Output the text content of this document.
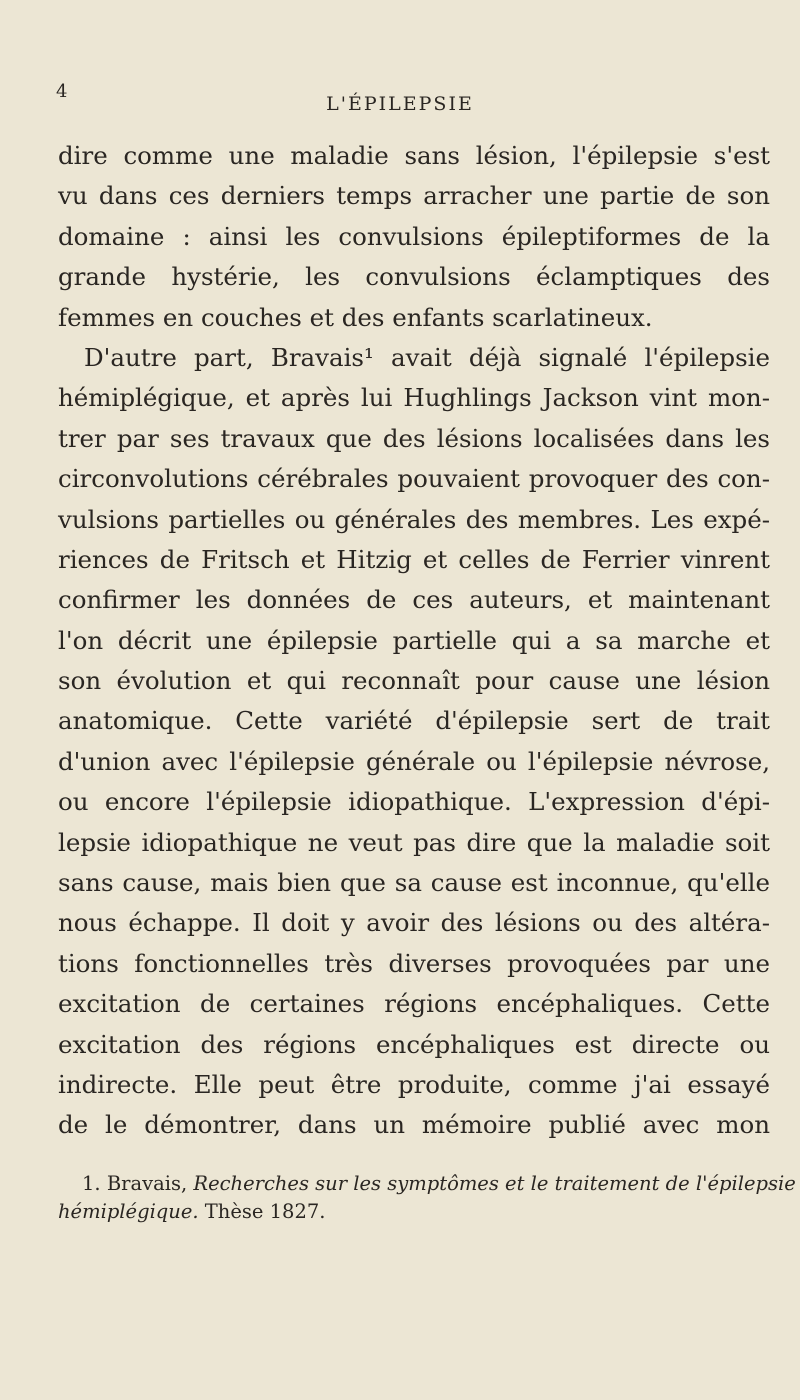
4
L'ÉPILEPSIE
dire comme une maladie sans lésion, l'épilepsie s'est
vu dans ces derniers temps arracher une partie de son
domaine : ainsi les convulsions épileptiformes de la
grande hystérie, les convulsions éclamptiques des
femmes en couches et des enfants scarlatineux.
D'autre part, Bravais¹ avait déjà signalé l'épilepsie
hémiplégique, et après lui Hughlings Jackson vint mon-
trer par ses travaux que des lésions localisées dans les
circonvolutions cérébrales pouvaient provoquer des con-
vulsions partielles ou générales des membres. Les expé-
riences de Fritsch et Hitzig et celles de Ferrier vinrent
confirmer les données de ces auteurs, et maintenant
l'on décrit une épilepsie partielle qui a sa marche et
son évolution et qui reconnaît pour cause une lésion
anatomique. Cette variété d'épilepsie sert de trait
d'union avec l'épilepsie générale ou l'épilepsie névrose,
ou encore l'épilepsie idiopathique. L'expression d'épi-
lepsie idiopathique ne veut pas dire que la maladie soit
sans cause, mais bien que sa cause est inconnue, qu'elle
nous échappe. Il doit y avoir des lésions ou des altéra-
tions fonctionnelles très diverses provoquées par une
excitation de certaines régions encéphaliques. Cette
excitation des régions encéphaliques est directe ou
indirecte. Elle peut être produite, comme j'ai essayé
de le démontrer, dans un mémoire publié avec mon
1. Bravais, Recherches sur les symptômes et le traitement de l'épilepsie
hémiplégique. Thèse 1827.
